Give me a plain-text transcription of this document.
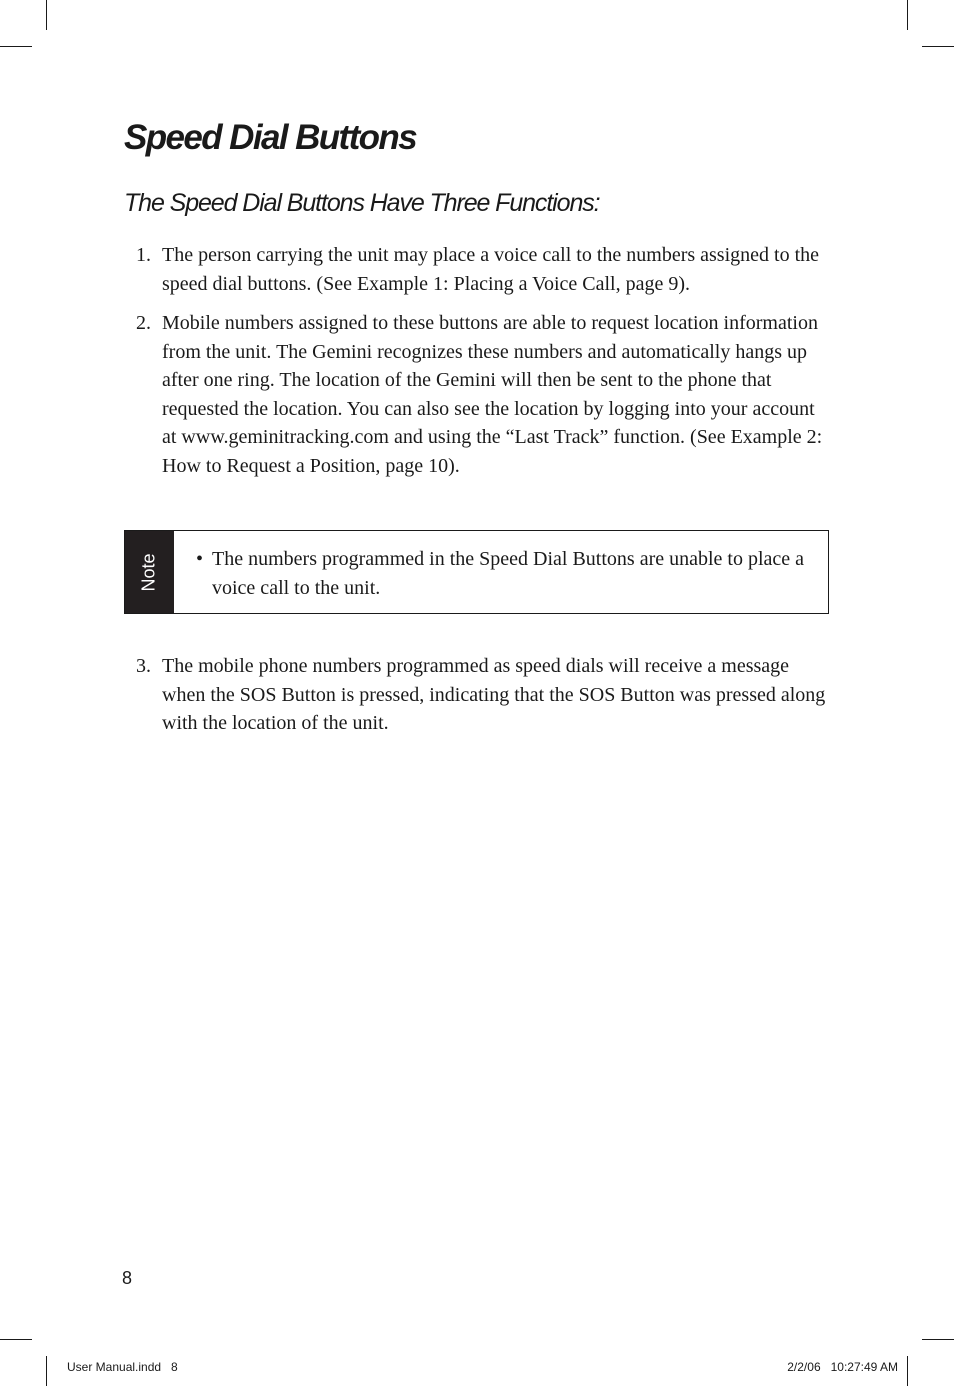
Speed Dial Buttons
The Speed Dial Buttons Have Three Functions:
1. The person carrying the unit may place a voice call to the numbers assigned to the speed dial buttons. (See Example 1: Placing a Voice Call, page 9).
2. Mobile numbers assigned to these buttons are able to request location information from the unit. The Gemini recognizes these numbers and automatically hangs up after one ring. The location of the Gemini will then be sent to the phone that requested the location. You can also see the location by logging into your account at www.geminitracking.com and using the “Last Track” function. (See Example 2: How to Request a Position, page 10).
Note • The numbers programmed in the Speed Dial Buttons are unable to place a voice call to the unit.
3. The mobile phone numbers programmed as speed dials will receive a message when the SOS Button is pressed, indicating that the SOS Button was pressed along with the location of the unit.
8
User Manual.indd   8	2/2/06   10:27:49 AM
